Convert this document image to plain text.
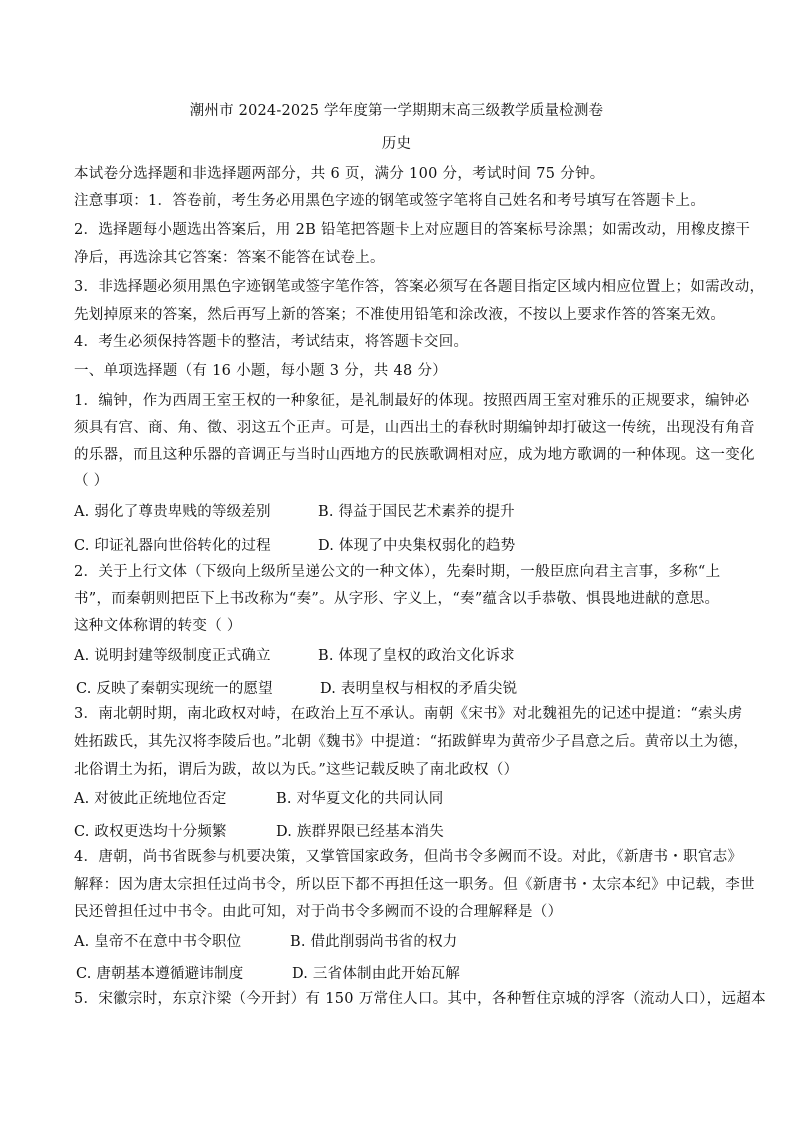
潮州市 2024-2025 学年度第一学期期末高三级教学质量检测卷
历史
本试卷分选择题和非选择题两部分，共 6 页，满分 100 分，考试时间 75 分钟。
注意事项：1．答卷前，考生务必用黑色字迹的钢笔或签字笔将自己姓名和考号填写在答题卡上。
2．选择题每小题选出答案后，用 2B 铅笔把答题卡上对应题目的答案标号涂黑；如需改动，用橡皮擦干
净后，再选涂其它答案：答案不能答在试卷上。
3．非选择题必须用黑色字迹钢笔或签字笔作答，答案必须写在各题目指定区域内相应位置上；如需改动，
先划掉原来的答案，然后再写上新的答案；不准使用铅笔和涂改液，不按以上要求作答的答案无效。
4．考生必须保持答题卡的整洁，考试结束，将答题卡交回。
一、单项选择题（有 16 小题，每小题 3 分，共 48 分）
1．编钟，作为西周王室王权的一种象征，是礼制最好的体现。按照西周王室对雅乐的正规要求，编钟必
须具有宫、商、角、徵、羽这五个正声。可是，山西出土的春秋时期编钟却打破这一传统，出现没有角音
的乐器，而且这种乐器的音调正与当时山西地方的民族歌调相对应，成为地方歌调的一种体现。这一变化
（ ）
A. 弱化了尊贵卑贱的等级差别	B. 得益于国民艺术素养的提升
C. 印证礼器向世俗转化的过程	D. 体现了中央集权弱化的趋势
2．关于上行文体（下级向上级所呈递公文的一种文体），先秦时期，一般臣庶向君主言事，多称“上
书”，而秦朝则把臣下上书改称为“奏”。从字形、字义上，“奏”蕴含以手恭敬、惧畏地进献的意思。
这种文体称谓的转变（ ）
A. 说明封建等级制度正式确立	B. 体现了皇权的政治文化诉求
C. 反映了秦朝实现统一的愿望	D. 表明皇权与相权的矛盾尖锐
3．南北朝时期，南北政权对峙，在政治上互不承认。南朝《宋书》对北魏祖先的记述中提道：“索头虏
姓拓跋氏，其先汉将李陵后也。”北朝《魏书》中提道：“拓跋鲜卑为黄帝少子昌意之后。黄帝以土为德，
北俗谓土为拓，谓后为跋，故以为氏。”这些记载反映了南北政权（）
A. 对彼此正统地位否定	B. 对华夏文化的共同认同
C. 政权更迭均十分频繁	D. 族群界限已经基本消失
4．唐朝，尚书省既参与机要决策，又掌管国家政务，但尚书令多阙而不设。对此，《新唐书・职官志》
解释：因为唐太宗担任过尚书令，所以臣下都不再担任这一职务。但《新唐书・太宗本纪》中记载，李世
民还曾担任过中书令。由此可知，对于尚书令多阙而不设的合理解释是（）
A. 皇帝不在意中书令职位	B. 借此削弱尚书省的权力
C. 唐朝基本遵循避讳制度	D. 三省体制由此开始瓦解
5．宋徽宗时，东京汴梁（今开封）有 150 万常住人口。其中，各种暂住京城的浮客（流动人口），远超本
